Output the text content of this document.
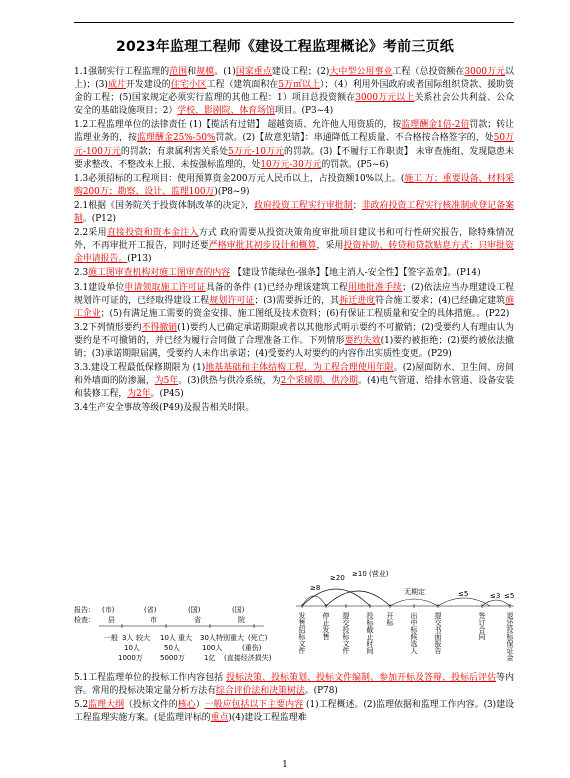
2023年监理工程师《建设工程监理概论》考前三页纸

1.1强制实行工程监理的范围和规模。(1)国家重点建设工程；(2)大中型公用事业工程（总投资额在3000万元以上)；(3)成片开发建设的住宅小区工程（建筑面积在5万㎡以上）；（4）利用外国政府或者国际组织贷款、援助资金的工程；(5)国家规定必须实行监理的其他工程：1）项目总投资额在3000万元以上关系社会公共利益、公众安全的基础设施项目；2）学校、影剧院、体育场馆项目。(P3~4)

1.2工程监理单位的法律责任 (1)【揽活有过错】 超越资质、允许他人用资质的，按监理酬金1倍-2倍罚款；转让监理业务的，按监理酬金25%-50%罚款。(2)【故意犯错】：串通降低工程质量、不合格按合格签字的，处50万元-100万元的罚款；有隶属利害关系处5万元-10万元的罚款。(3)【不履行工作职责】 未审查施组、发现隐患未要求整改、不整改未上报、未按强标监理的，处10万元-30万元的罚款。(P5~6)

1.3必须招标的工程项目：使用预算资金200万元人民币以上，占投资额10%以上。(施工 万；重要设备、材料采购200万；勘察、设计、监理100万)(P8~9)

2.1根据《国务院关于投资体制改革的决定》，政府投资工程实行审批制；非政府投资工程实行核准制或登记备案制。(P12)

2.2采用直接投资和资本金注入方式 政府需要从投资决策角度审批项目建议书和可行性研究报告，除特殊情况外，不再审批开工报告，同时还要严格审批其初步设计和概算，采用投资补助、转贷和贷款贴息方式：只审批资金申请报告。(P13)

2.3施工图审查机构对施工图审查的内容 【建设节能绿色-强条】【地主消人-安全性】【签字盖章】。(P14)

3.1建设单位申请领取施工许可证具备的条件 (1)已经办理该建筑工程用地批准手续；(2)依法应当办理建设工程规划许可证的，已经取得建设工程规划许可证；(3)需要拆迁的，其拆迁进度符合施工要求；(4)已经确定建筑施工企业；(5)有满足施工需要的资金安排、施工图纸及技术资料；(6)有保证工程质量和安全的具体措施。。(P22)

3.2下列情形要约不得撤销(1)要约人已确定承诺期限或者以其他形式明示要约不可撤销；(2)受要约人有理由认为要约是不可撤销的，并已经为履行合同做了合理准备工作。下列情形要约失效(1)要约被拒绝；(2)要约被依法撤销；(3)承诺期限届满，受要约人未作出承诺；(4)受要约人对要约的内容作出实质性变更。(P29)

3.3.建设工程最低保修期限为 (1)地基基础和主体结构工程，为工程合理使用年限。(2)屋面防水、卫生间、房间和外墙面的防渗漏，为5年。(3)供热与供冷系统，为2个采暖期、供冷期。(4)电气管道、给排水管道、设备安装和装修工程，为2年。(P45)

3.4生产安全事故等级(P49)及报告相关时限。

报告：
检查：
(市)	(省)	(国)	(国)
县	市	省	院
一般 3人 较大 10人 重大 30人 特别重大 (死亡)
10人	50人	100人	(重伤)
1000万 5000万	1亿 (直接经济损失)
≥8
≥20 ≥10 (营业)
无期定	≤5	≤3 ≤5
发售招标文件 停止发售 提交投标文件 投标截止时间 开标 出中标候选人 提交书面报告	签订合同	退还投标保证金

5.1工程监理单位的投标工作内容包括 投标决策、投标策划、投标文件编制、参加开标及答辩、投标后评估等内容。常用的投标决策定量分析方法有综合评价法和决策树法。(P78)

5.2监理大纲（投标文件的核心）一般应包括以下主要内容 (1)工程概述。(2)监理依据和监理工作内容。(3)建设工程监理实施方案。(是监理评标的重点)(4)建设工程监理难

1
